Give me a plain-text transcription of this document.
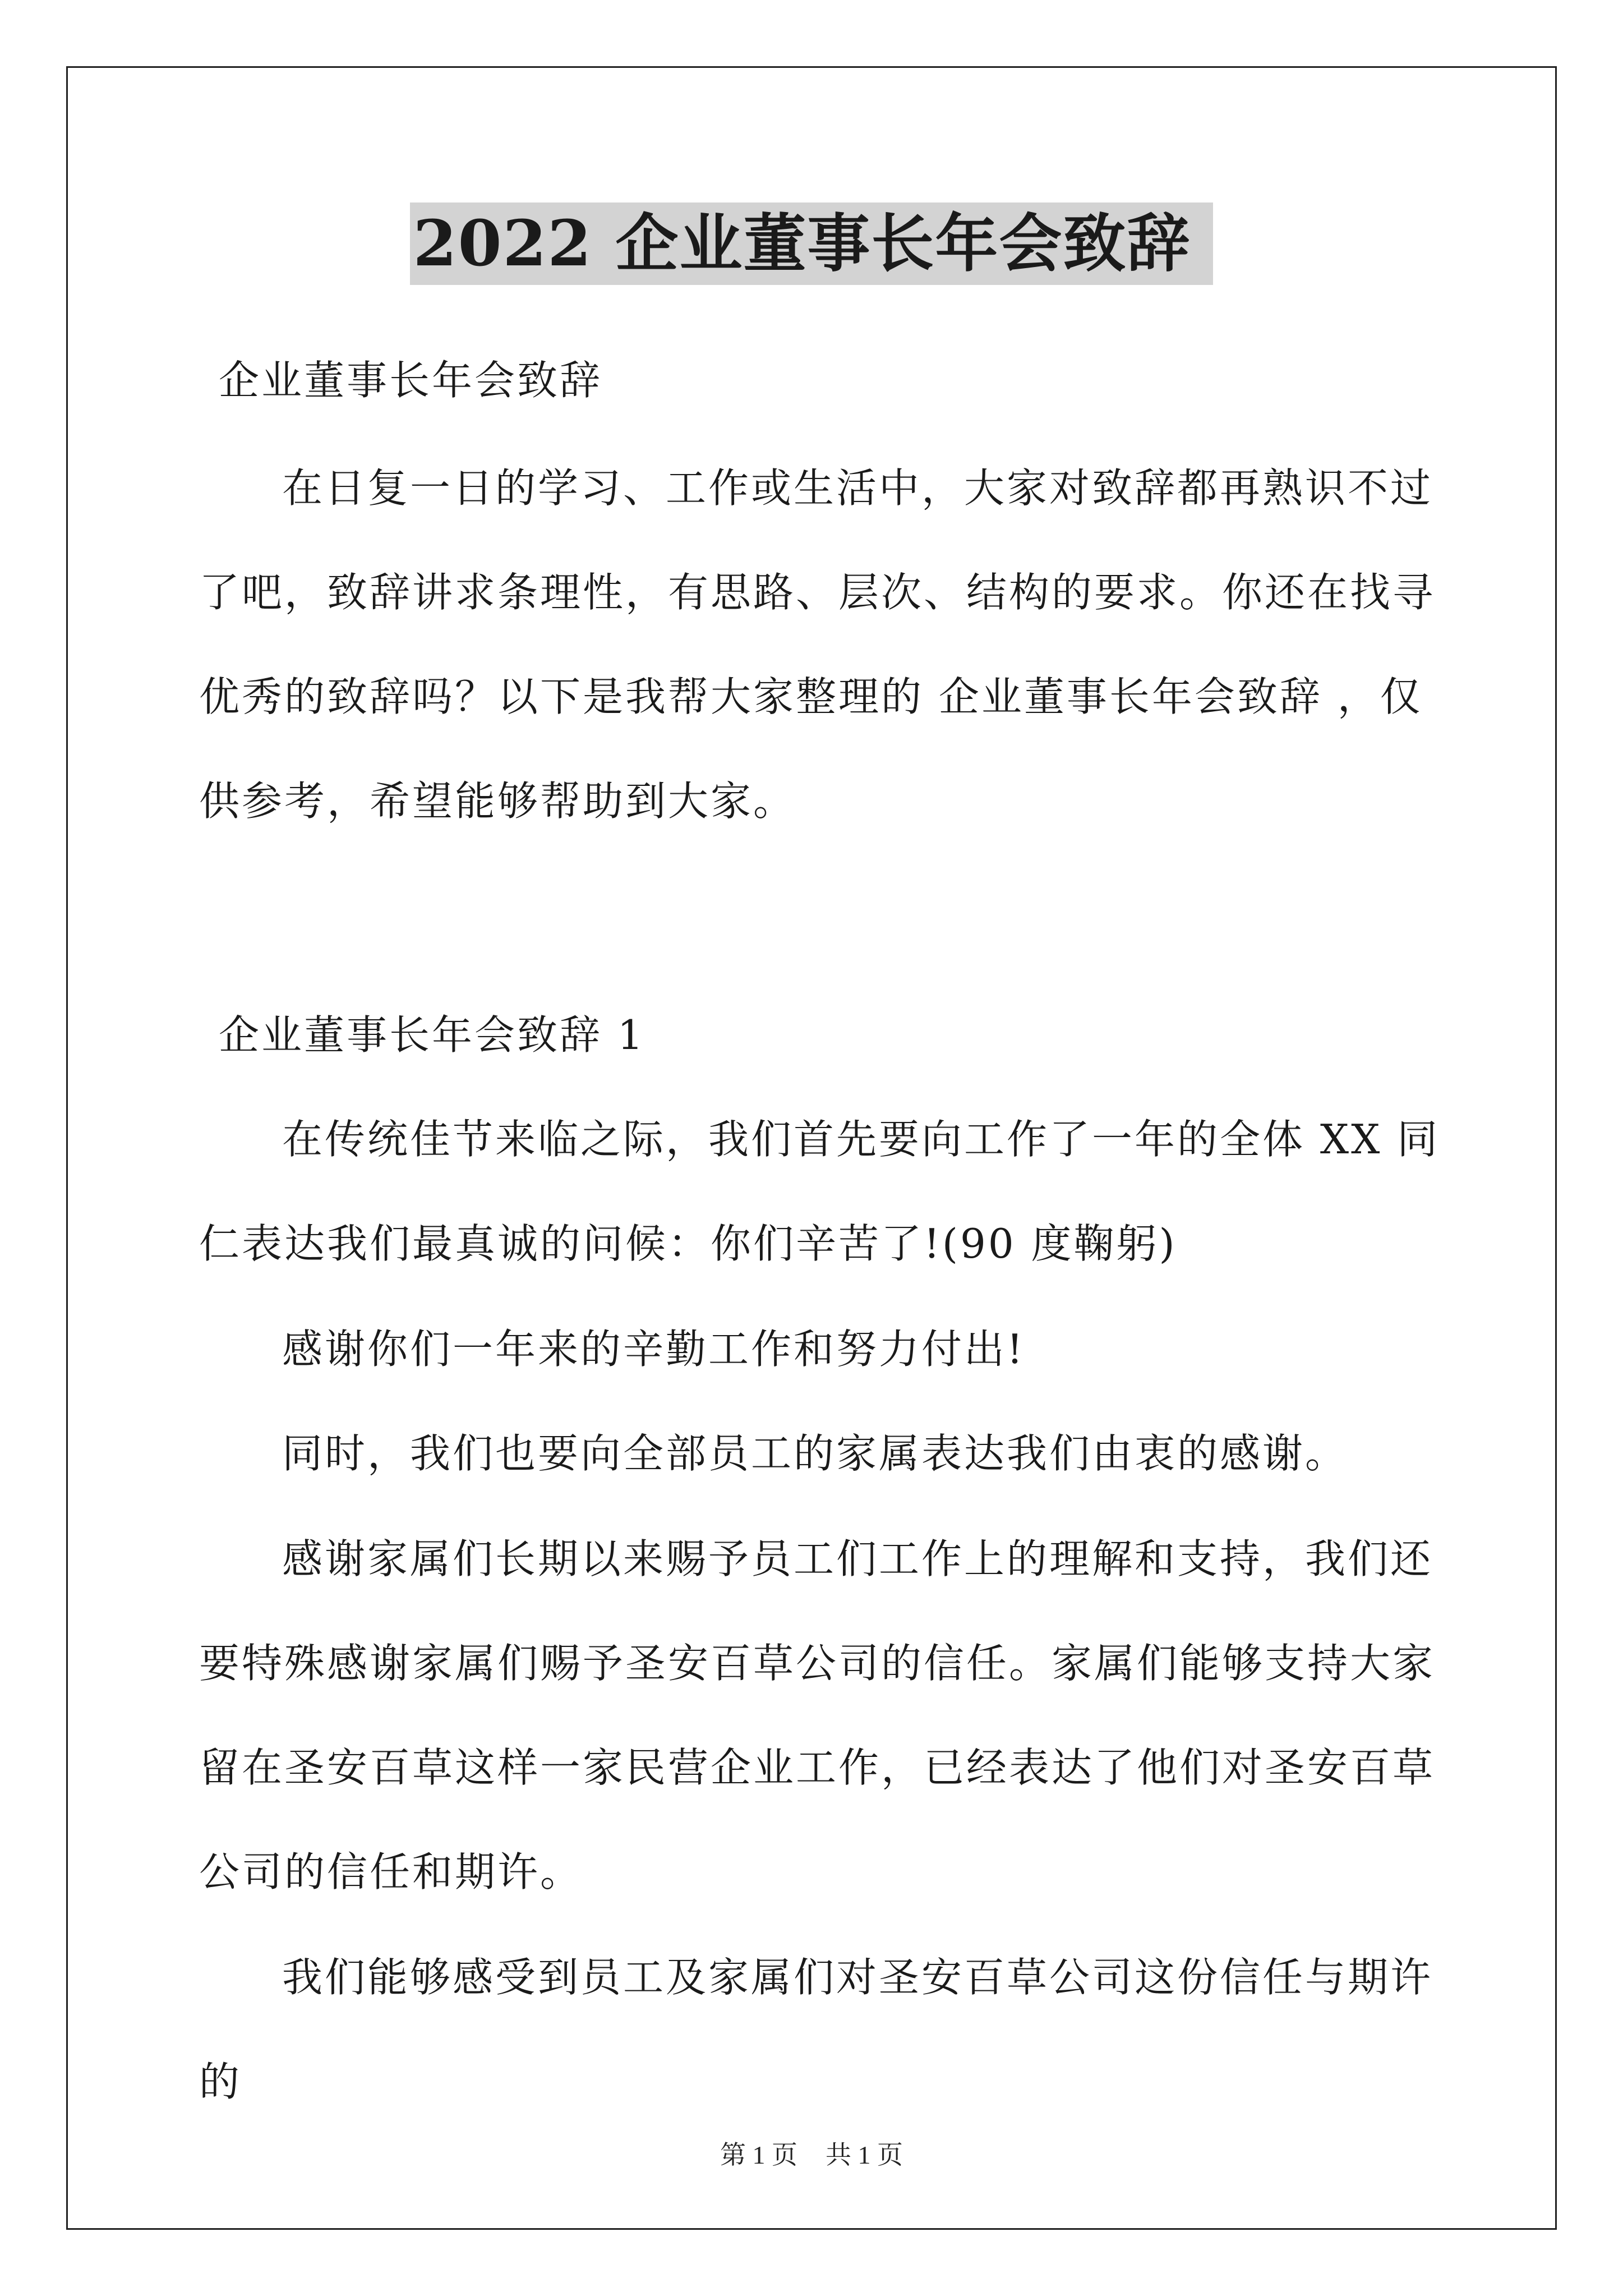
2022 企业董事长年会致辞

企业董事长年会致辞

在日复一日的学习、工作或生活中，大家对致辞都再熟识不过了吧，致辞讲求条理性，有思路、层次、结构的要求。你还在找寻优秀的致辞吗？以下是我帮大家整理的 企业董事长年会致辞 ，仅供参考，希望能够帮助到大家。

企业董事长年会致辞 1

在传统佳节来临之际，我们首先要向工作了一年的全体 XX 同仁表达我们最真诚的问候：你们辛苦了!(90 度鞠躬)

感谢你们一年来的辛勤工作和努力付出!

同时，我们也要向全部员工的家属表达我们由衷的感谢。

感谢家属们长期以来赐予员工们工作上的理解和支持，我们还要特殊感谢家属们赐予圣安百草公司的信任。家属们能够支持大家留在圣安百草这样一家民营企业工作，已经表达了他们对圣安百草公司的信任和期许。

我们能够感受到员工及家属们对圣安百草公司这份信任与期许的

第 1 页 共 1 页
